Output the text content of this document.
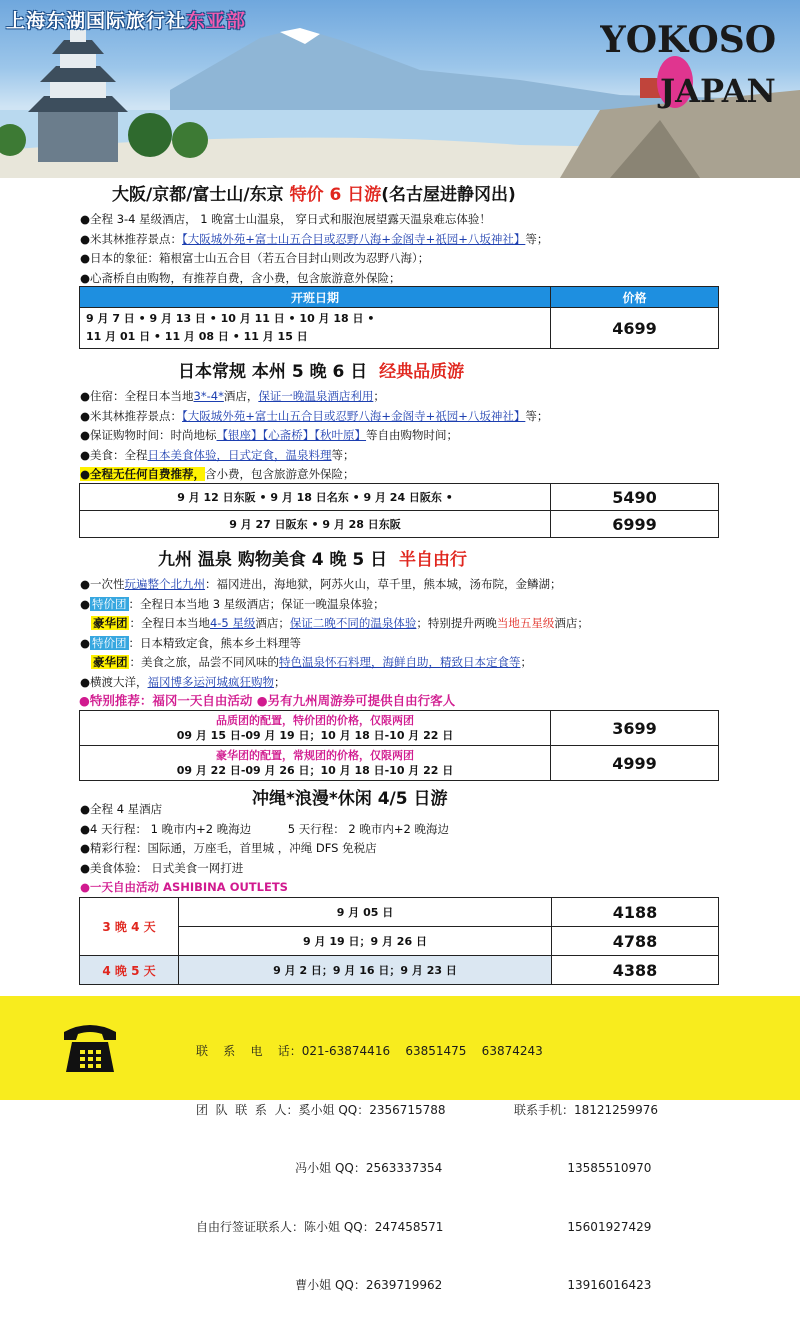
上海东湖国际旅行社东亚部	YOKOSO
JAPAN
大阪/京都/富士山/东京 特价 6 日游(名古屋进静冈出)
●全程 3-4 星级酒店， 1 晚富士山温泉， 穿日式和服泡展望露天温泉难忘体验！
●米其林推荐景点：【大阪城外苑+富士山五合目或忍野八海+金阁寺+祇园+八坂神社】等；
●日本的象征：箱根富士山五合目（若五合目封山则改为忍野八海）；
●心斋桥自由购物，有推荐自费，含小费，包含旅游意外保险；
开班日期	价格

9 月 7 日 • 9 月 13 日 • 10 月 11 日 • 10 月 18 日 •
11 月 01 日 • 11 月 08 日 • 11 月 15 日	4699
日本常规 本州 5 晚 6 日 经典品质游
●住宿：全程日本当地3*-4*酒店，保证一晚温泉酒店利用；
●米其林推荐景点：【大阪城外苑+富士山五合目或忍野八海+金阁寺+祇园+八坂神社】等；
●保证购物时间：时尚地标【银座】【心斋桥】【秋叶原】等自由购物时间；
●美食：全程日本美食体验，日式定食，温泉料理等；
●全程无任何自费推荐，含小费，包含旅游意外保险；
9 月 12 日东阪 • 9 月 18 日名东 • 9 月 24 日阪东 •	5490
9 月 27 日阪东 • 9 月 28 日东阪	6999
九州 温泉 购物美食 4 晚 5 日 半自由行
●一次性玩遍整个北九州：福冈进出，海地狱，阿苏火山，草千里，熊本城，汤布院，金鳞湖；
● 特价团 ：全程日本当地 3 星级酒店；保证一晚温泉体验；
豪华团 ：全程日本当地4-5 星级酒店；保证二晚不同的温泉体验；特别提升两晚当地五星级酒店；
● 特价团 ：日本精致定食，熊本乡土料理等
豪华团 ：美食之旅，品尝不同风味的特色温泉怀石料理，海鲜自助，精致日本定食等；
●横渡大洋，福冈博多运河城疯狂购物；
●特别推荐：福冈一天自由活动 ●另有九州周游券可提供自由行客人
品质团的配置，特价团的价格，仅限两团
09 月 15 日-09 月 19 日；10 月 18 日-10 月 22 日	3699

豪华团的配置，常规团的价格，仅限两团
09 月 22 日-09 月 26 日；10 月 18 日-10 月 22 日	4999
冲绳*浪漫*休闲 4/5 日游
●全程 4 星酒店
●4 天行程： 1 晚市内+2 晚海边          5 天行程： 2 晚市内+2 晚海边
●精彩行程：国际通，万座毛，首里城 ，冲绳 DFS 免税店
●美食体验： 日式美食一网打进
●一天自由活动 ASHIBINA OUTLETS
3 晚 4 天	9 月 05 日	4188
	9 月 19 日；9 月 26 日	4788
4 晚 5 天	9 月 2 日；9 月 16 日；9 月 23 日	4388

联    系    电    话：021-63874416    63851475    63874243

团  队  联  系  人：奚小姐 QQ：2356715788	联系手机：18121259976

冯小姐 QQ：2563337354	13585510970

自由行签证联系人：陈小姐 QQ：247458571	15601927429

曹小姐 QQ：2639719962	13916016423
